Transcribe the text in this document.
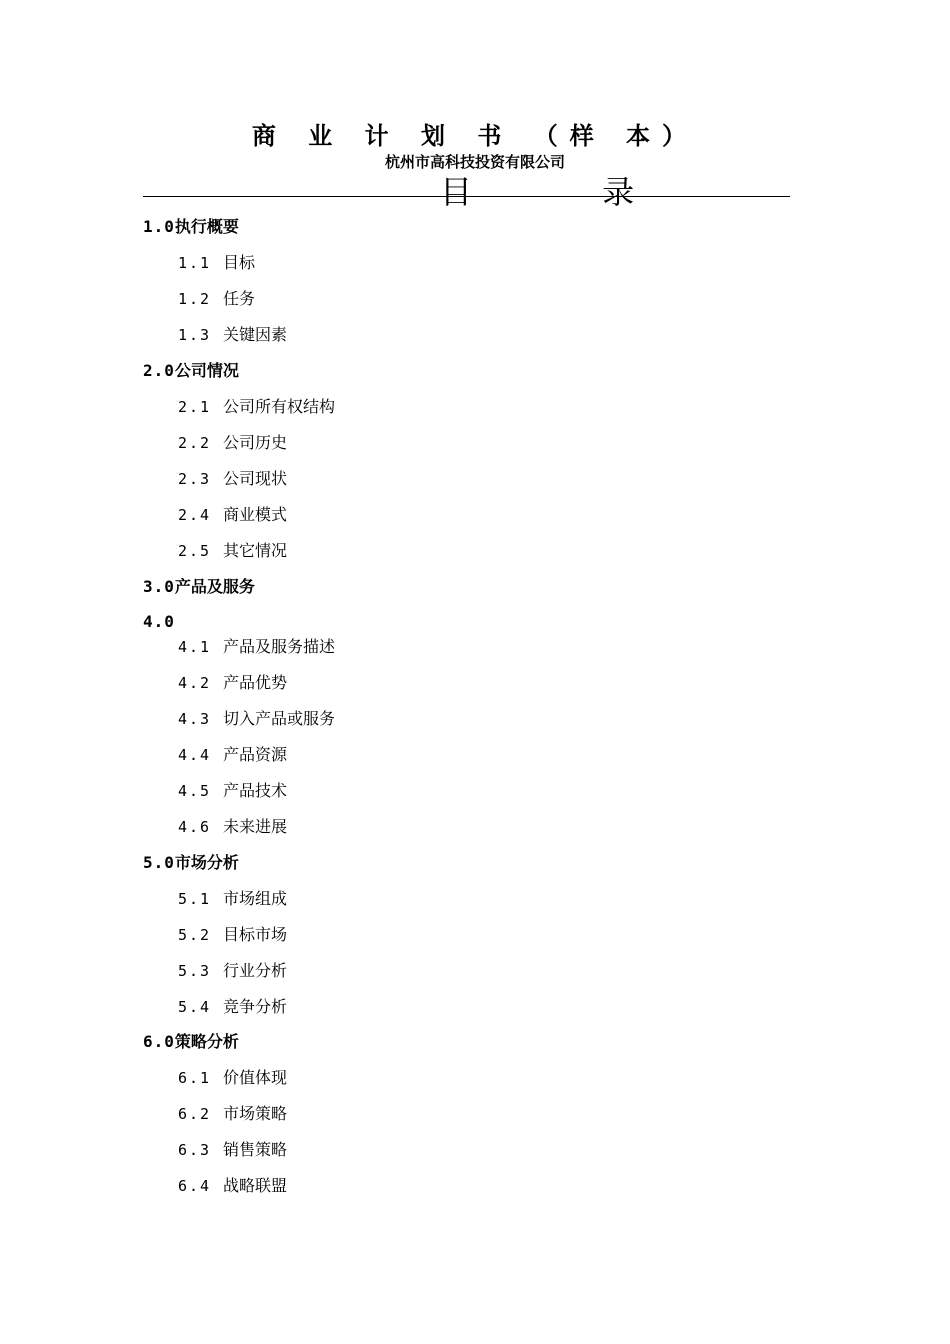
商 业 计 划 书 （样 本）
杭州市高科技投资有限公司
目 录
1.0执行概要
1.1 目标
1.2 任务
1.3 关键因素
2.0公司情况
2.1 公司所有权结构
2.2 公司历史
2.3 公司现状
2.4 商业模式
2.5 其它情况
3.0产品及服务
4.0
4.1 产品及服务描述
4.2 产品优势
4.3 切入产品或服务
4.4 产品资源
4.5 产品技术
4.6 未来进展
5.0市场分析
5.1 市场组成
5.2 目标市场
5.3 行业分析
5.4 竞争分析
6.0策略分析
6.1 价值体现
6.2 市场策略
6.3 销售策略
6.4 战略联盟
